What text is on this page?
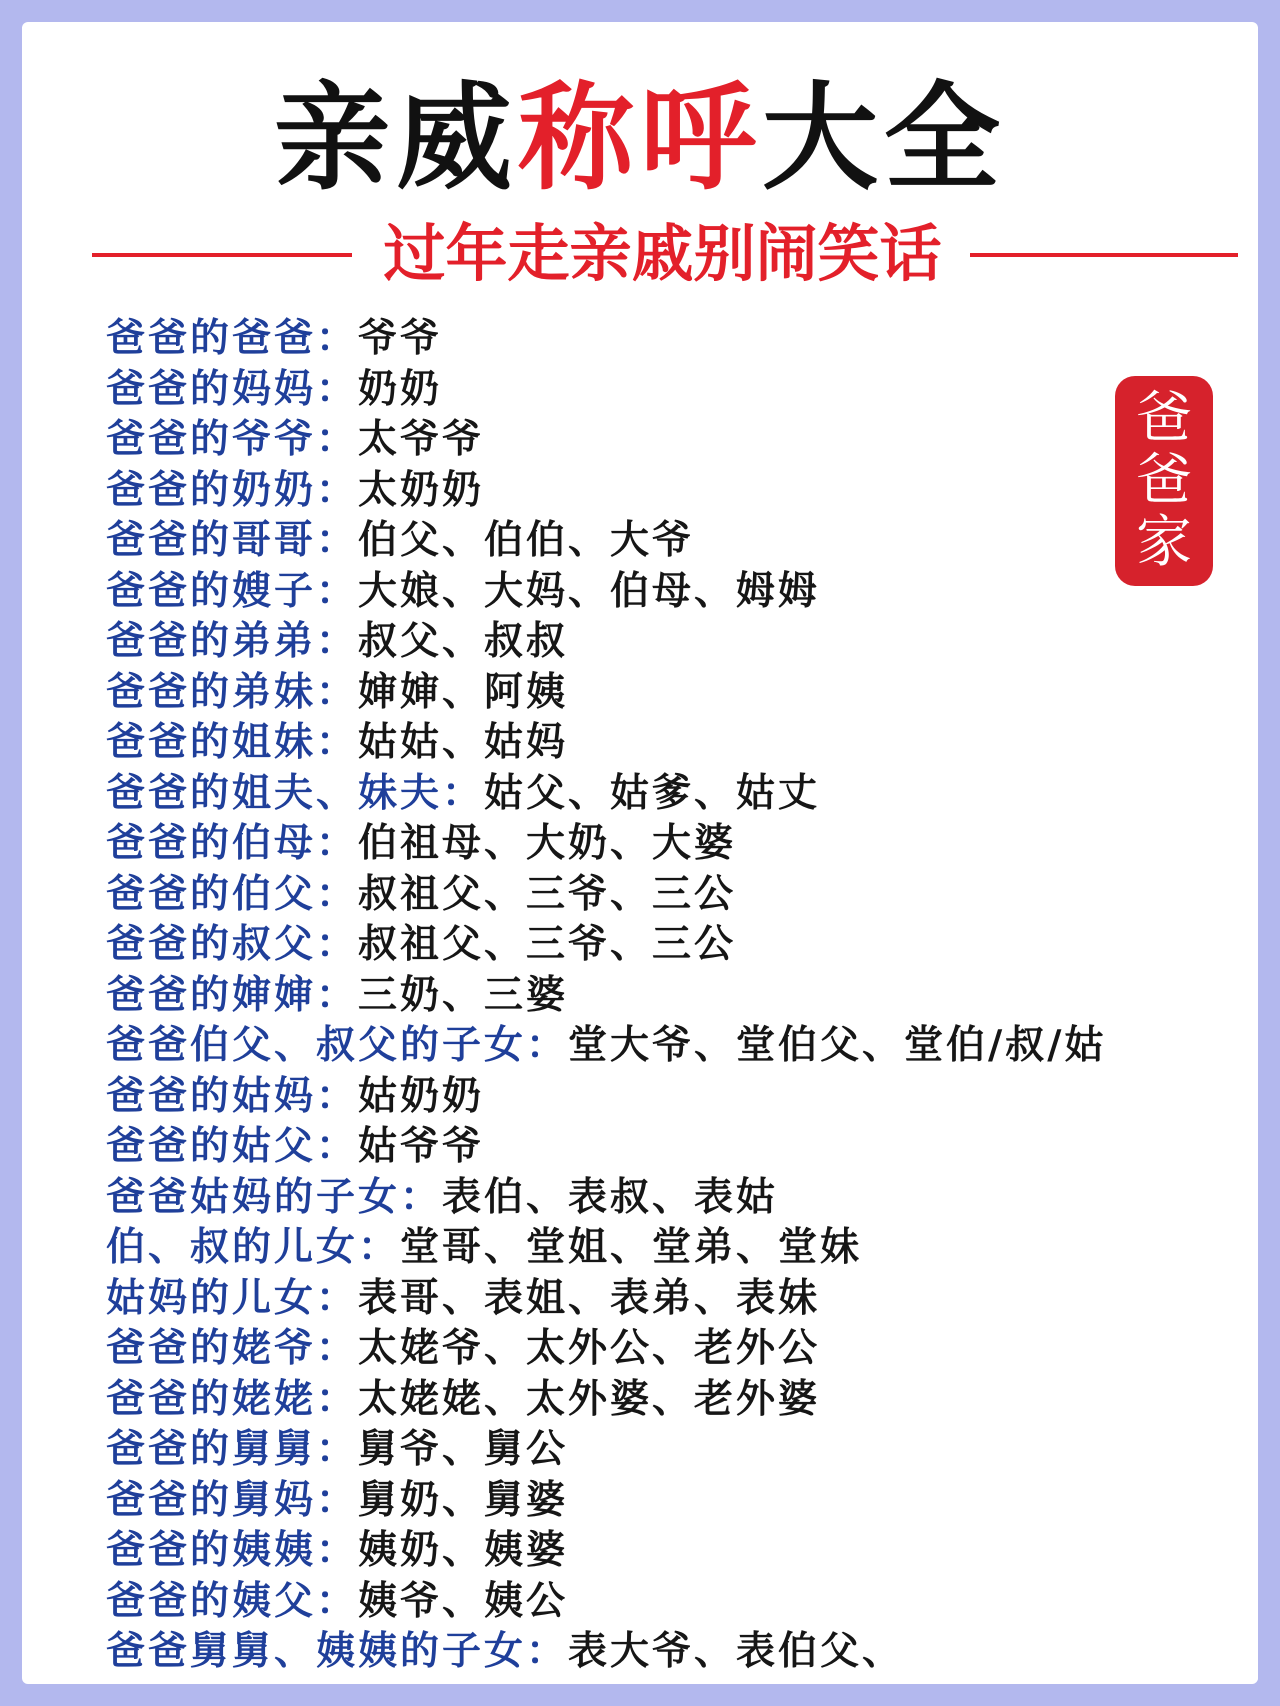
亲威称呼大全
过年走亲戚别闹笑话
爸
爸
家
爸爸的爸爸：爷爷
爸爸的妈妈：奶奶
爸爸的爷爷：太爷爷
爸爸的奶奶：太奶奶
爸爸的哥哥：伯父、伯伯、大爷
爸爸的嫂子：大娘、大妈、伯母、姆姆
爸爸的弟弟：叔父、叔叔
爸爸的弟妹：婶婶、阿姨
爸爸的姐妹：姑姑、姑妈
爸爸的姐夫、妹夫：姑父、姑爹、姑丈
爸爸的伯母：伯祖母、大奶、大婆
爸爸的伯父：叔祖父、三爷、三公
爸爸的叔父：叔祖父、三爷、三公
爸爸的婶婶：三奶、三婆
爸爸伯父、叔父的子女：堂大爷、堂伯父、堂伯/叔/姑
爸爸的姑妈：姑奶奶
爸爸的姑父：姑爷爷
爸爸姑妈的子女：表伯、表叔、表姑
伯、叔的儿女：堂哥、堂姐、堂弟、堂妹
姑妈的儿女：表哥、表姐、表弟、表妹
爸爸的姥爷：太姥爷、太外公、老外公
爸爸的姥姥：太姥姥、太外婆、老外婆
爸爸的舅舅：舅爷、舅公
爸爸的舅妈：舅奶、舅婆
爸爸的姨姨：姨奶、姨婆
爸爸的姨父：姨爷、姨公
爸爸舅舅、姨姨的子女：表大爷、表伯父、
